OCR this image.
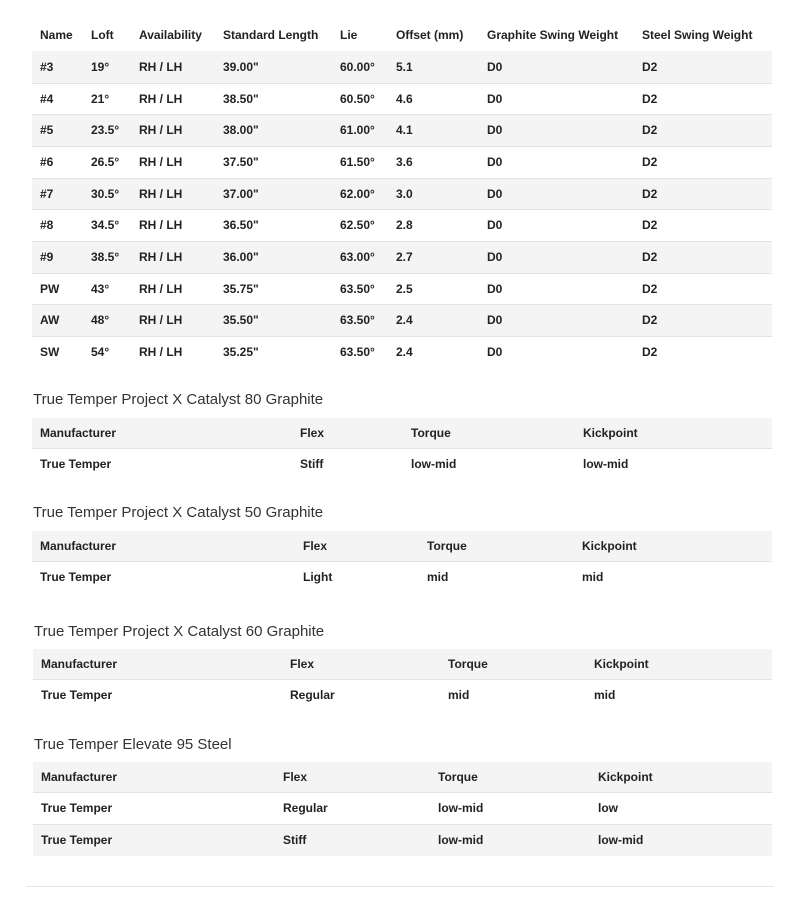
Name	Loft	Availability	Standard Length	Lie	Offset (mm)	Graphite Swing Weight	Steel Swing Weight
#3	19°	RH / LH	39.00"	60.00°	5.1	D0	D2
#4	21°	RH / LH	38.50"	60.50°	4.6	D0	D2
#5	23.5°	RH / LH	38.00"	61.00°	4.1	D0	D2
#6	26.5°	RH / LH	37.50"	61.50°	3.6	D0	D2
#7	30.5°	RH / LH	37.00"	62.00°	3.0	D0	D2
#8	34.5°	RH / LH	36.50"	62.50°	2.8	D0	D2
#9	38.5°	RH / LH	36.00"	63.00°	2.7	D0	D2
PW	43°	RH / LH	35.75"	63.50°	2.5	D0	D2
AW	48°	RH / LH	35.50"	63.50°	2.4	D0	D2
SW	54°	RH / LH	35.25"	63.50°	2.4	D0	D2
True Temper Project X Catalyst 80 Graphite
Manufacturer	Flex	Torque	Kickpoint
True Temper	Stiff	low-mid	low-mid
True Temper Project X Catalyst 50 Graphite
Manufacturer	Flex	Torque	Kickpoint
True Temper	Light	mid	mid
True Temper Project X Catalyst 60 Graphite
Manufacturer	Flex	Torque	Kickpoint
True Temper	Regular	mid	mid
True Temper Elevate 95 Steel
Manufacturer	Flex	Torque	Kickpoint
True Temper	Regular	low-mid	low
True Temper	Stiff	low-mid	low-mid
